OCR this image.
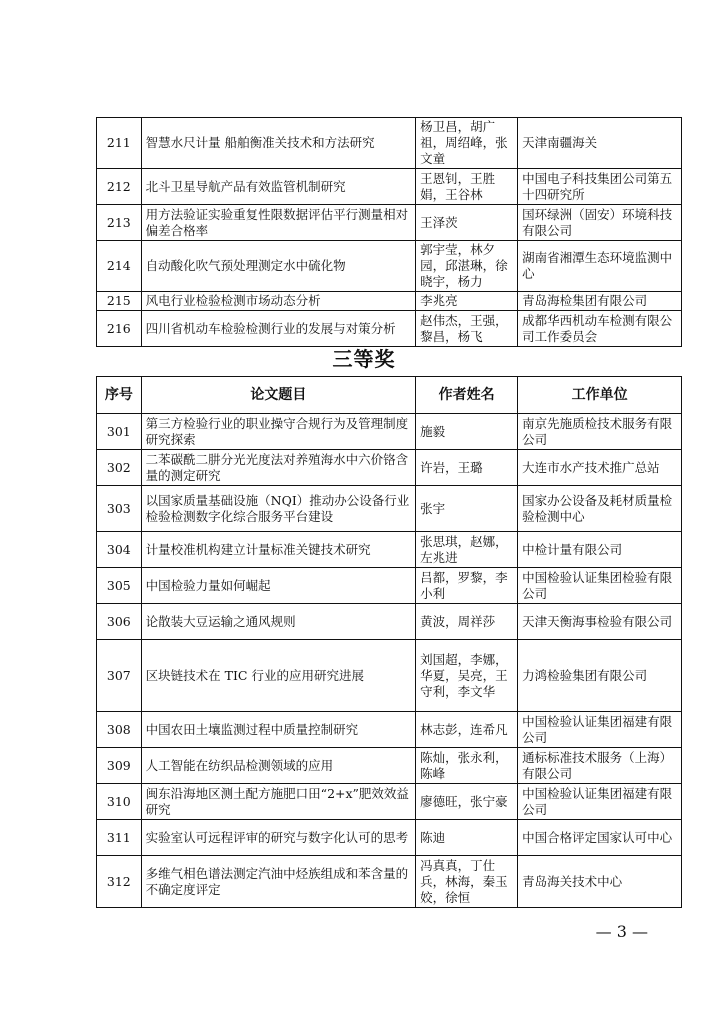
211	智慧水尺计量 船舶衡准关技术和方法研究	杨卫昌，胡广祖，周绍峰，张文童	天津南疆海关
212	北斗卫星导航产品有效监管机制研究	王恩钊，王胜娟，王谷林	中国电子科技集团公司第五十四研究所
213	用方法验证实验重复性限数据评估平行测量相对偏差合格率	王泽茨	国环绿洲（固安）环境科技有限公司
214	自动酸化吹气预处理测定水中硫化物	郭宇莹，林夕园，邱湛琳，徐晓宇，杨力	湖南省湘潭生态环境监测中心
215	风电行业检验检测市场动态分析	李兆亮	青岛海检集团有限公司
216	四川省机动车检验检测行业的发展与对策分析	赵伟杰，王强，黎昌，杨飞	成都华西机动车检测有限公司工作委员会
三等奖
序号	论文题目	作者姓名	工作单位
301	第三方检验行业的职业操守合规行为及管理制度研究探索	施毅	南京先施质检技术服务有限公司
302	二苯碳酰二肼分光光度法对养殖海水中六价铬含量的测定研究	许岩，王璐	大连市水产技术推广总站
303	以国家质量基础设施（NQI）推动办公设备行业检验检测数字化综合服务平台建设	张宇	国家办公设备及耗材质量检验检测中心
304	计量校准机构建立计量标准关键技术研究	张思琪，赵娜，左兆进	中检计量有限公司
305	中国检验力量如何崛起	吕都，罗黎，李小利	中国检验认证集团检验有限公司
306	论散装大豆运输之通风规则	黄波，周祥莎	天津天衡海事检验有限公司
307	区块链技术在 TIC 行业的应用研究进展	刘国超，李娜，华夏，吴亮，王守利，李文华	力鸿检验集团有限公司
308	中国农田土壤监测过程中质量控制研究	林志彭，连希凡	中国检验认证集团福建有限公司
309	人工智能在纺织品检测领域的应用	陈灿，张永利，陈峰	通标标准技术服务（上海）有限公司
310	闽东沿海地区测土配方施肥口田“2+x”肥效效益研究	廖德旺，张宁豪	中国检验认证集团福建有限公司
311	实验室认可远程评审的研究与数字化认可的思考	陈迪	中国合格评定国家认可中心
312	多维气相色谱法测定汽油中烃族组成和苯含量的不确定度评定	冯真真，丁仕兵，林海，秦玉姣，徐恒	青岛海关技术中心
— 3 —
